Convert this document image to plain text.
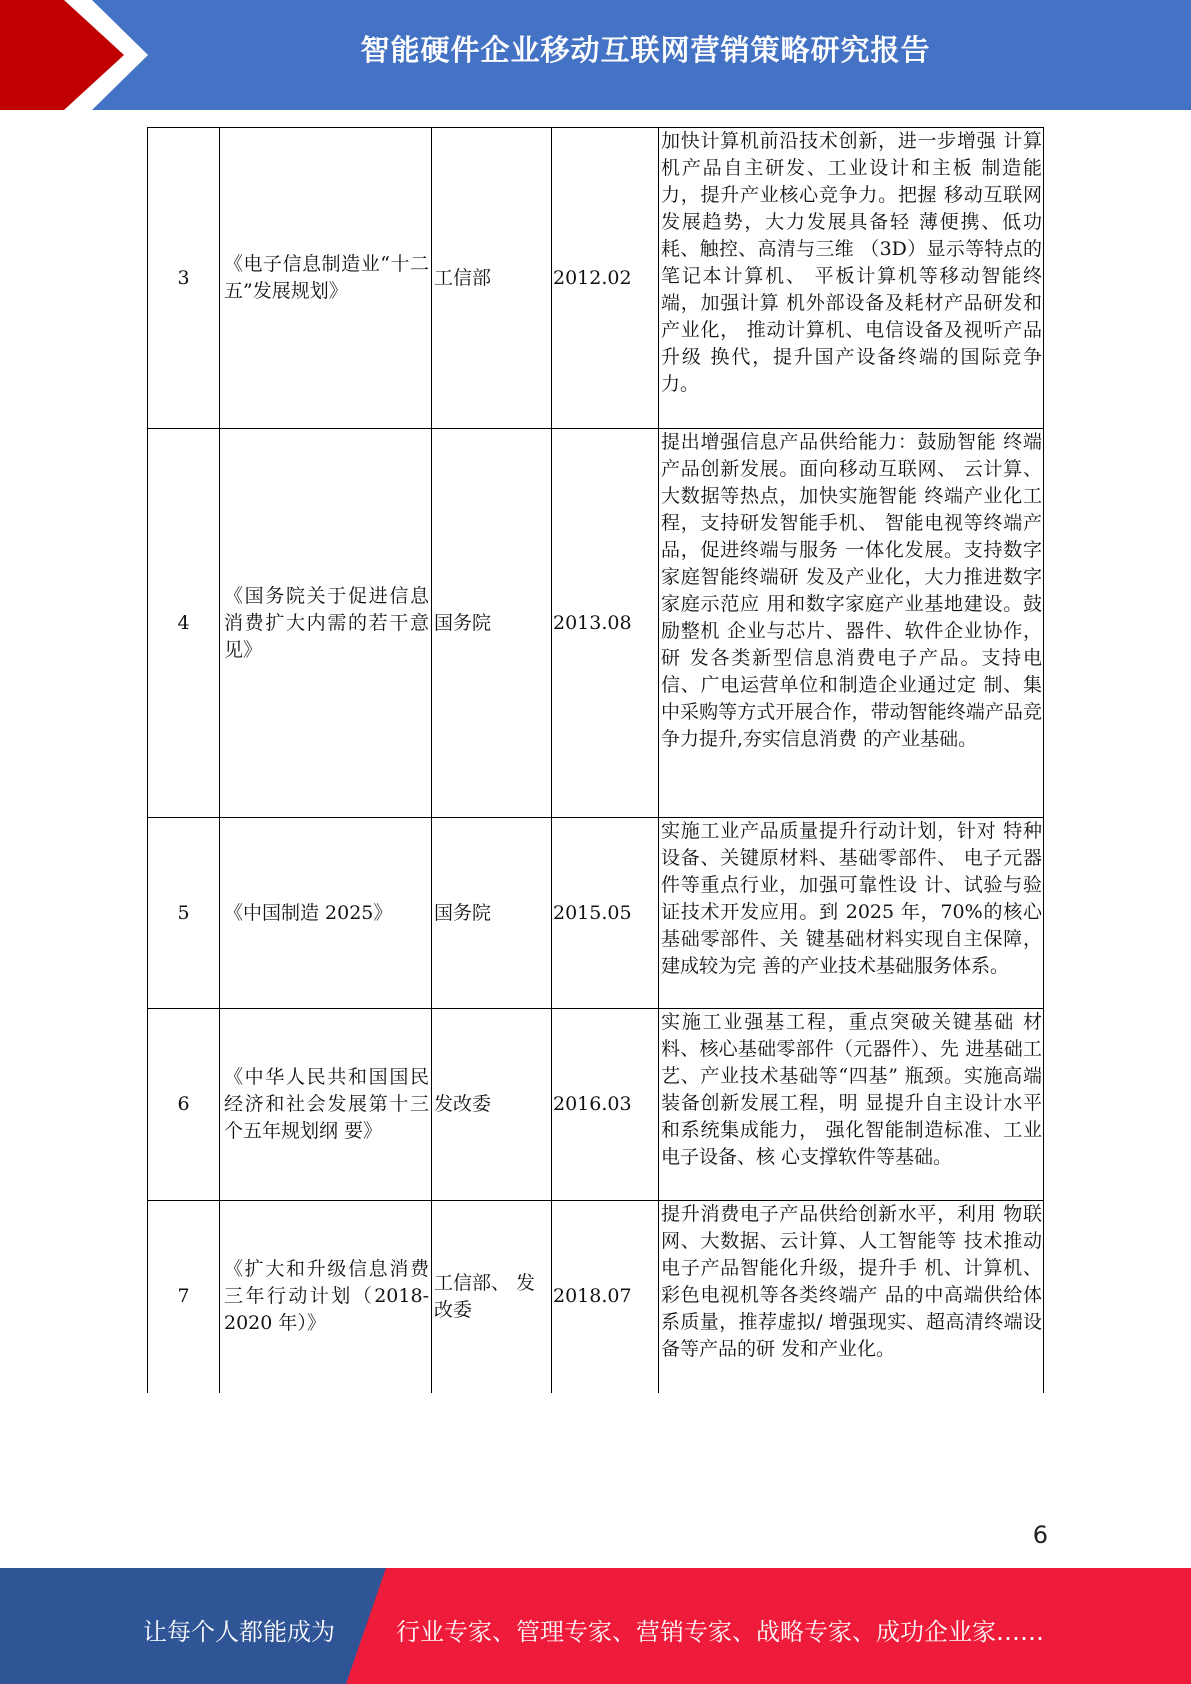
智能硬件企业移动互联网营销策略研究报告
3	《电子信息制造业“十二五”发展规划》	工信部	2012.02	加快计算机前沿技术创新，进一步增强 计算机产品自主研发、工业设计和主板 制造能力，提升产业核心竞争力。把握 移动互联网发展趋势，大力发展具备轻 薄便携、低功耗、触控、高清与三维 （3D）显示等特点的笔记本计算机、 平板计算机等移动智能终端，加强计算 机外部设备及耗材产品研发和产业化， 推动计算机、电信设备及视听产品升级 换代，提升国产设备终端的国际竞争 力。

4	《国务院关于促进信息消费扩大内需的若干意见》	国务院	2013.08	提出增强信息产品供给能力：鼓励智能 终端产品创新发展。面向移动互联网、 云计算、大数据等热点，加快实施智能 终端产业化工程，支持研发智能手机、 智能电视等终端产品，促进终端与服务 一体化发展。支持数字家庭智能终端研 发及产业化，大力推进数字家庭示范应 用和数字家庭产业基地建设。鼓励整机 企业与芯片、器件、软件企业协作，研 发各类新型信息消费电子产品。支持电 信、广电运营单位和制造企业通过定 制、集中采购等方式开展合作，带动智能终端产品竞争力提升,夯实信息消费 的产业基础。

5	《中国制造 2025》	国务院	2015.05	实施工业产品质量提升行动计划，针对 特种设备、关键原材料、基础零部件、 电子元器件等重点行业，加强可靠性设 计、试验与验证技术开发应用。到 2025 年，70%的核心基础零部件、关 键基础材料实现自主保障，建成较为完 善的产业技术基础服务体系。

6	《中华人民共和国国民经济和社会发展第十三个五年规划纲 要》	发改委	2016.03	实施工业强基工程，重点突破关键基础 材料、核心基础零部件（元器件）、先 进基础工艺、产业技术基础等“四基” 瓶颈。实施高端装备创新发展工程，明 显提升自主设计水平和系统集成能力， 强化智能制造标准、工业电子设备、核 心支撑软件等基础。

7	《扩大和升级信息消费三年行动计划（2018-2020 年）》	工信部、 发改委	2018.07	提升消费电子产品供给创新水平，利用 物联网、大数据、云计算、人工智能等 技术推动电子产品智能化升级，提升手 机、计算机、彩色电视机等各类终端产 品的中高端供给体系质量，推荐虚拟/ 增强现实、超高清终端设备等产品的研 发和产业化。
6
让每个人都能成为	行业专家、管理专家、营销专家、战略专家、成功企业家……
